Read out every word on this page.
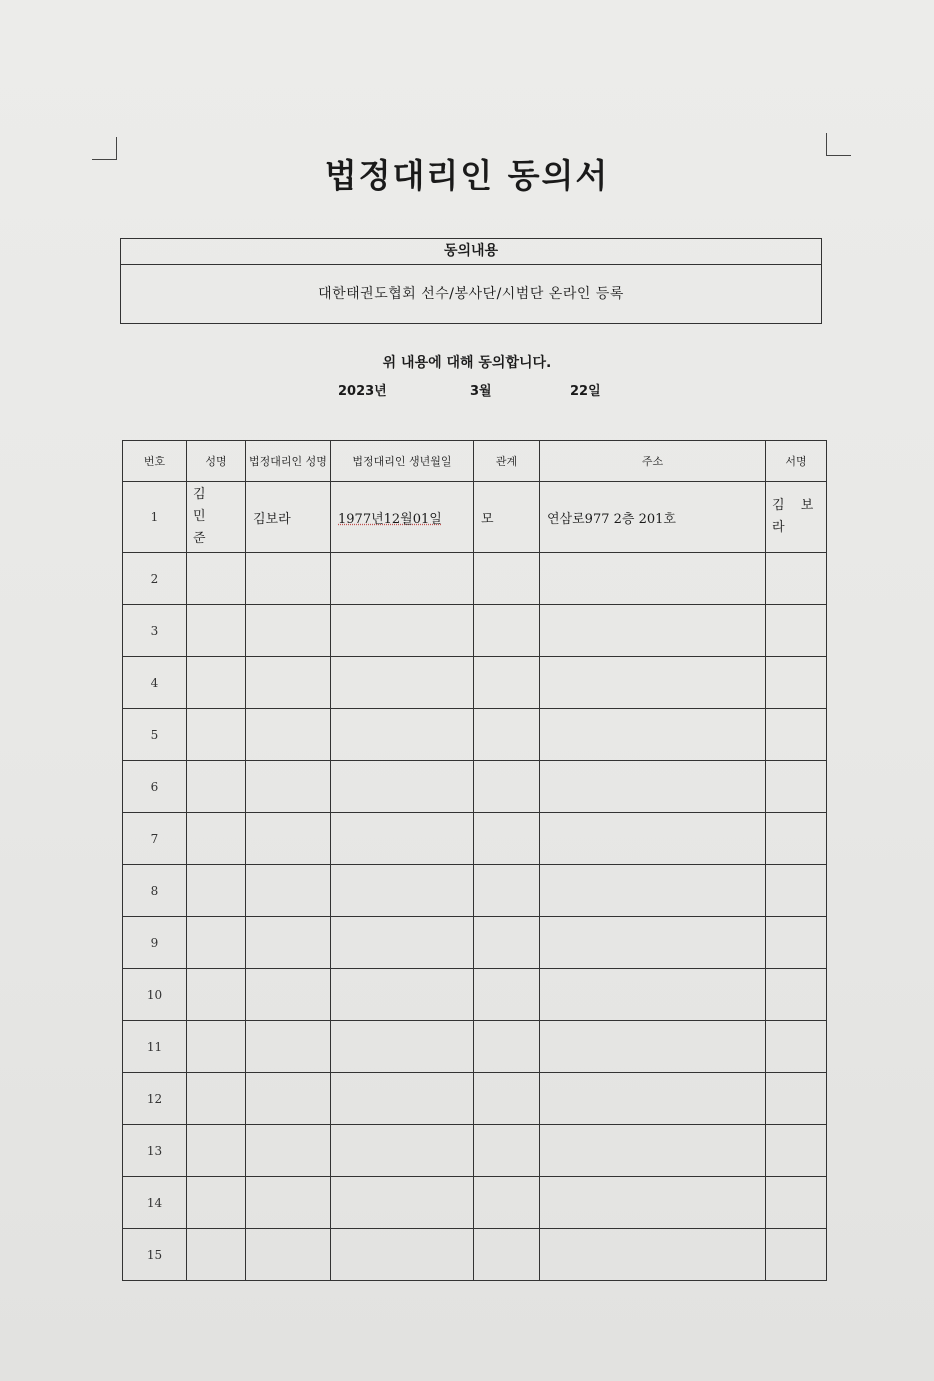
법정대리인 동의서
동의내용
대한태권도협회 선수/봉사단/시범단 온라인 등록
위 내용에 대해 동의합니다.
2023년	3월	22일
번호	성명	법정대리인 성명	법정대리인 생년월일	관계	주소	서명
1	김 민 준	김보라	1977년12월01일	모	연삼로977 2층 201호	김 보 라
2						
3						
4						
5						
6						
7						
8						
9						
10						
11						
12						
13						
14						
15						
